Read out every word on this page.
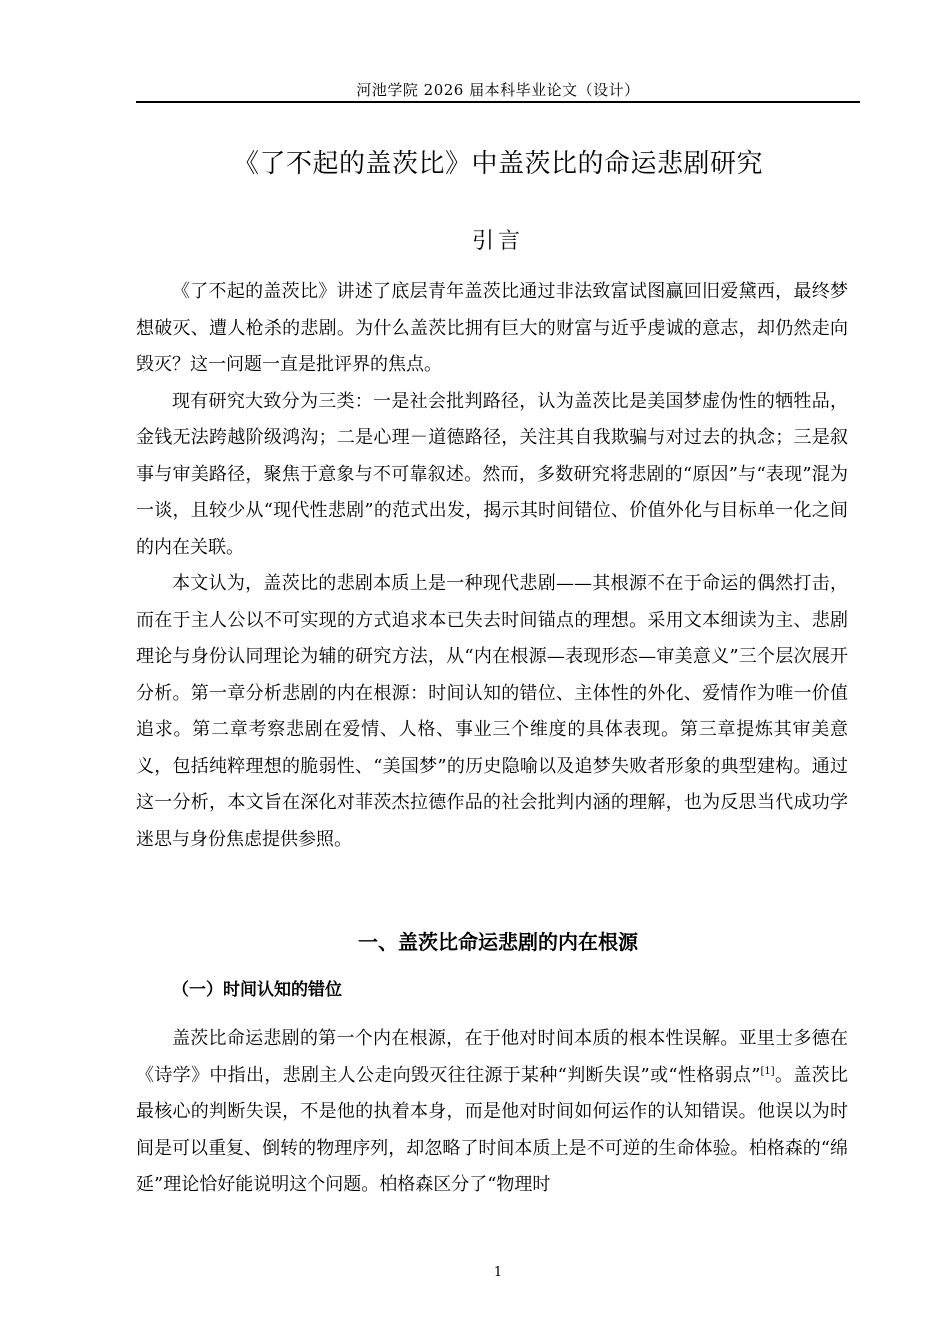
河池学院 2026 届本科毕业论文（设计）
《了不起的盖茨比》中盖茨比的命运悲剧研究
引言

《了不起的盖茨比》讲述了底层青年盖茨比通过非法致富试图赢回旧爱黛西，最终梦想破灭、遭人枪杀的悲剧。为什么盖茨比拥有巨大的财富与近乎虔诚的意志，却仍然走向毁灭？这一问题一直是批评界的焦点。

现有研究大致分为三类：一是社会批判路径，认为盖茨比是美国梦虚伪性的牺牲品，金钱无法跨越阶级鸿沟；二是心理－道德路径，关注其自我欺骗与对过去的执念；三是叙事与审美路径，聚焦于意象与不可靠叙述。然而，多数研究将悲剧的“原因”与“表现”混为一谈，且较少从“现代性悲剧”的范式出发，揭示其时间错位、价值外化与目标单一化之间的内在关联。

本文认为，盖茨比的悲剧本质上是一种现代悲剧——其根源不在于命运的偶然打击，而在于主人公以不可实现的方式追求本已失去时间锚点的理想。采用文本细读为主、悲剧理论与身份认同理论为辅的研究方法，从“内在根源—表现形态—审美意义”三个层次展开分析。第一章分析悲剧的内在根源：时间认知的错位、主体性的外化、爱情作为唯一价值追求。第二章考察悲剧在爱情、人格、事业三个维度的具体表现。第三章提炼其审美意义，包括纯粹理想的脆弱性、“美国梦”的历史隐喻以及追梦失败者形象的典型建构。通过这一分析，本文旨在深化对菲茨杰拉德作品的社会批判内涵的理解，也为反思当代成功学迷思与身份焦虑提供参照。

一、盖茨比命运悲剧的内在根源
（一）时间认知的错位

盖茨比命运悲剧的第一个内在根源，在于他对时间本质的根本性误解。亚里士多德在《诗学》中指出，悲剧主人公走向毁灭往往源于某种“判断失误”或“性格弱点”[1]。盖茨比最核心的判断失误，不是他的执着本身，而是他对时间如何运作的认知错误。他误以为时间是可以重复、倒转的物理序列，却忽略了时间本质上是不可逆的生命体验。柏格森的“绵延”理论恰好能说明这个问题。柏格森区分了“物理时

1
